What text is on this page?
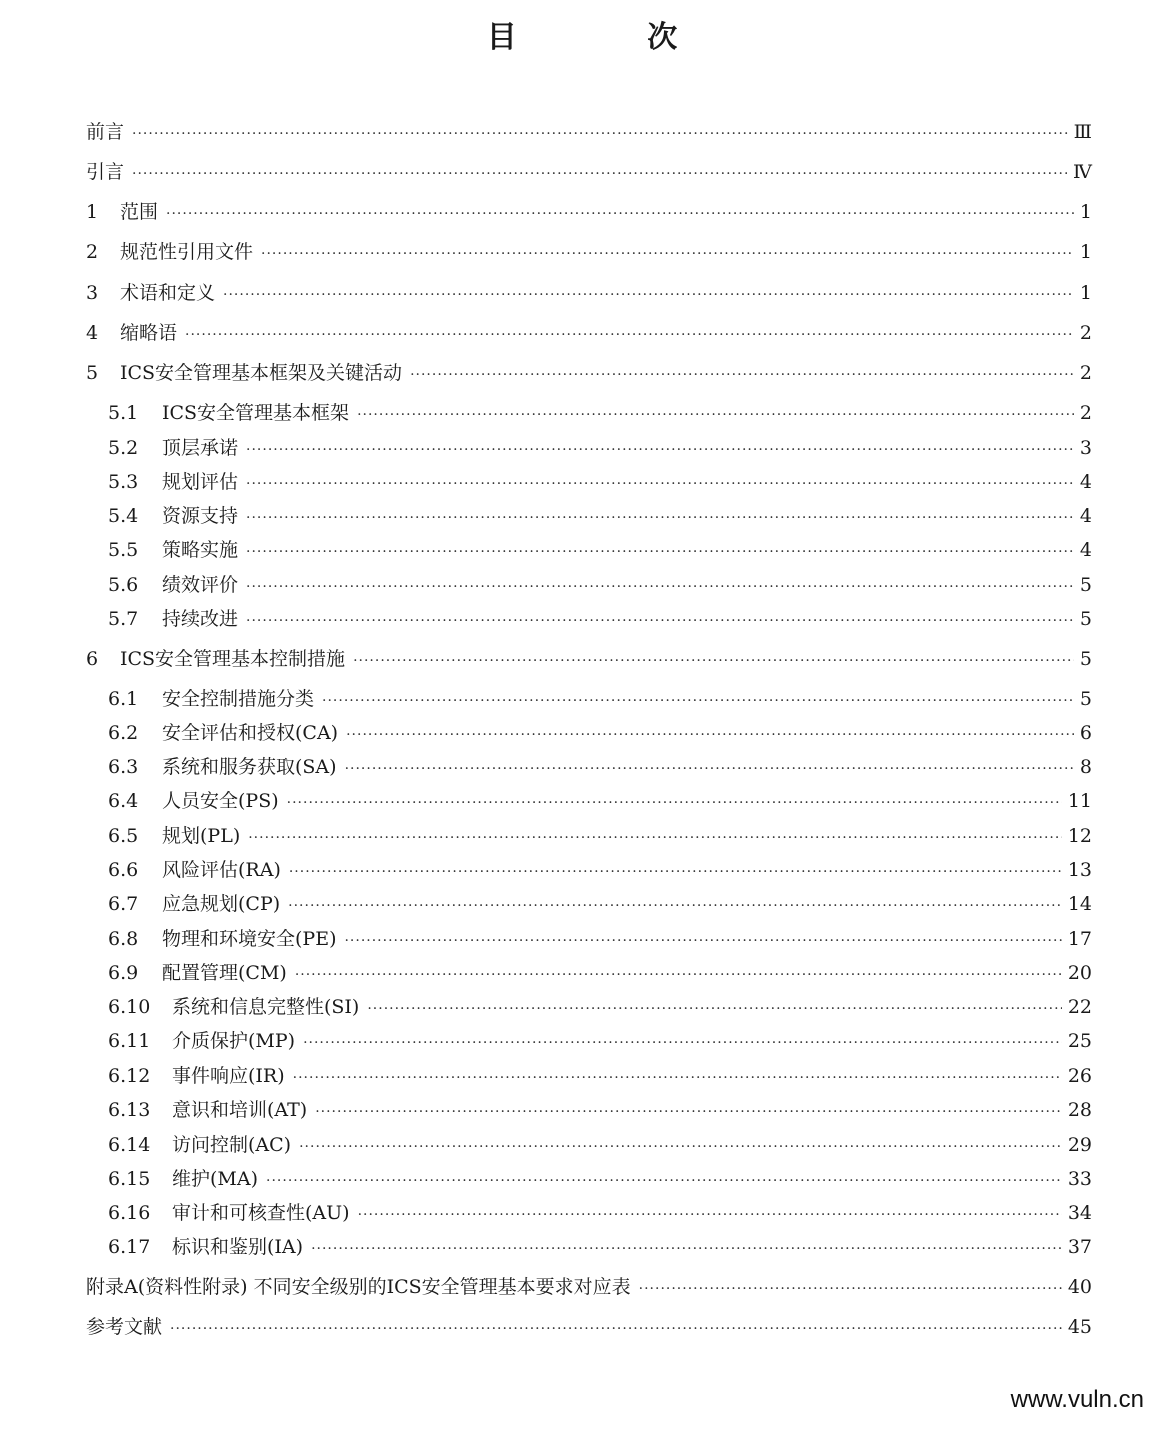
目 次
前言 ·····	Ⅲ
引言 ·····	Ⅳ
1	范围 ·····	1
2	规范性引用文件 ·····	1
3	术语和定义 ·····	1
4	缩略语 ·····	2
5	ICS安全管理基本框架及关键活动 ·····	2
5.1	ICS安全管理基本框架 ·····	2
5.2	顶层承诺 ·····	3
5.3	规划评估 ·····	4
5.4	资源支持 ·····	4
5.5	策略实施 ·····	4
5.6	绩效评价 ·····	5
5.7	持续改进 ·····	5
6	ICS安全管理基本控制措施 ·····	5
6.1	安全控制措施分类 ·····	5
6.2	安全评估和授权(CA) ·····	6
6.3	系统和服务获取(SA) ·····	8
6.4	人员安全(PS) ·····	11
6.5	规划(PL) ·····	12
6.6	风险评估(RA) ·····	13
6.7	应急规划(CP) ·····	14
6.8	物理和环境安全(PE) ·····	17
6.9	配置管理(CM) ·····	20
6.10	系统和信息完整性(SI) ·····	22
6.11	介质保护(MP) ·····	25
6.12	事件响应(IR) ·····	26
6.13	意识和培训(AT) ·····	28
6.14	访问控制(AC) ·····	29
6.15	维护(MA) ·····	33
6.16	审计和可核查性(AU) ·····	34
6.17	标识和鉴别(IA) ·····	37
附录A(资料性附录) 不同安全级别的ICS安全管理基本要求对应表 ·····	40
参考文献 ·····	45
www.vuln.cn
